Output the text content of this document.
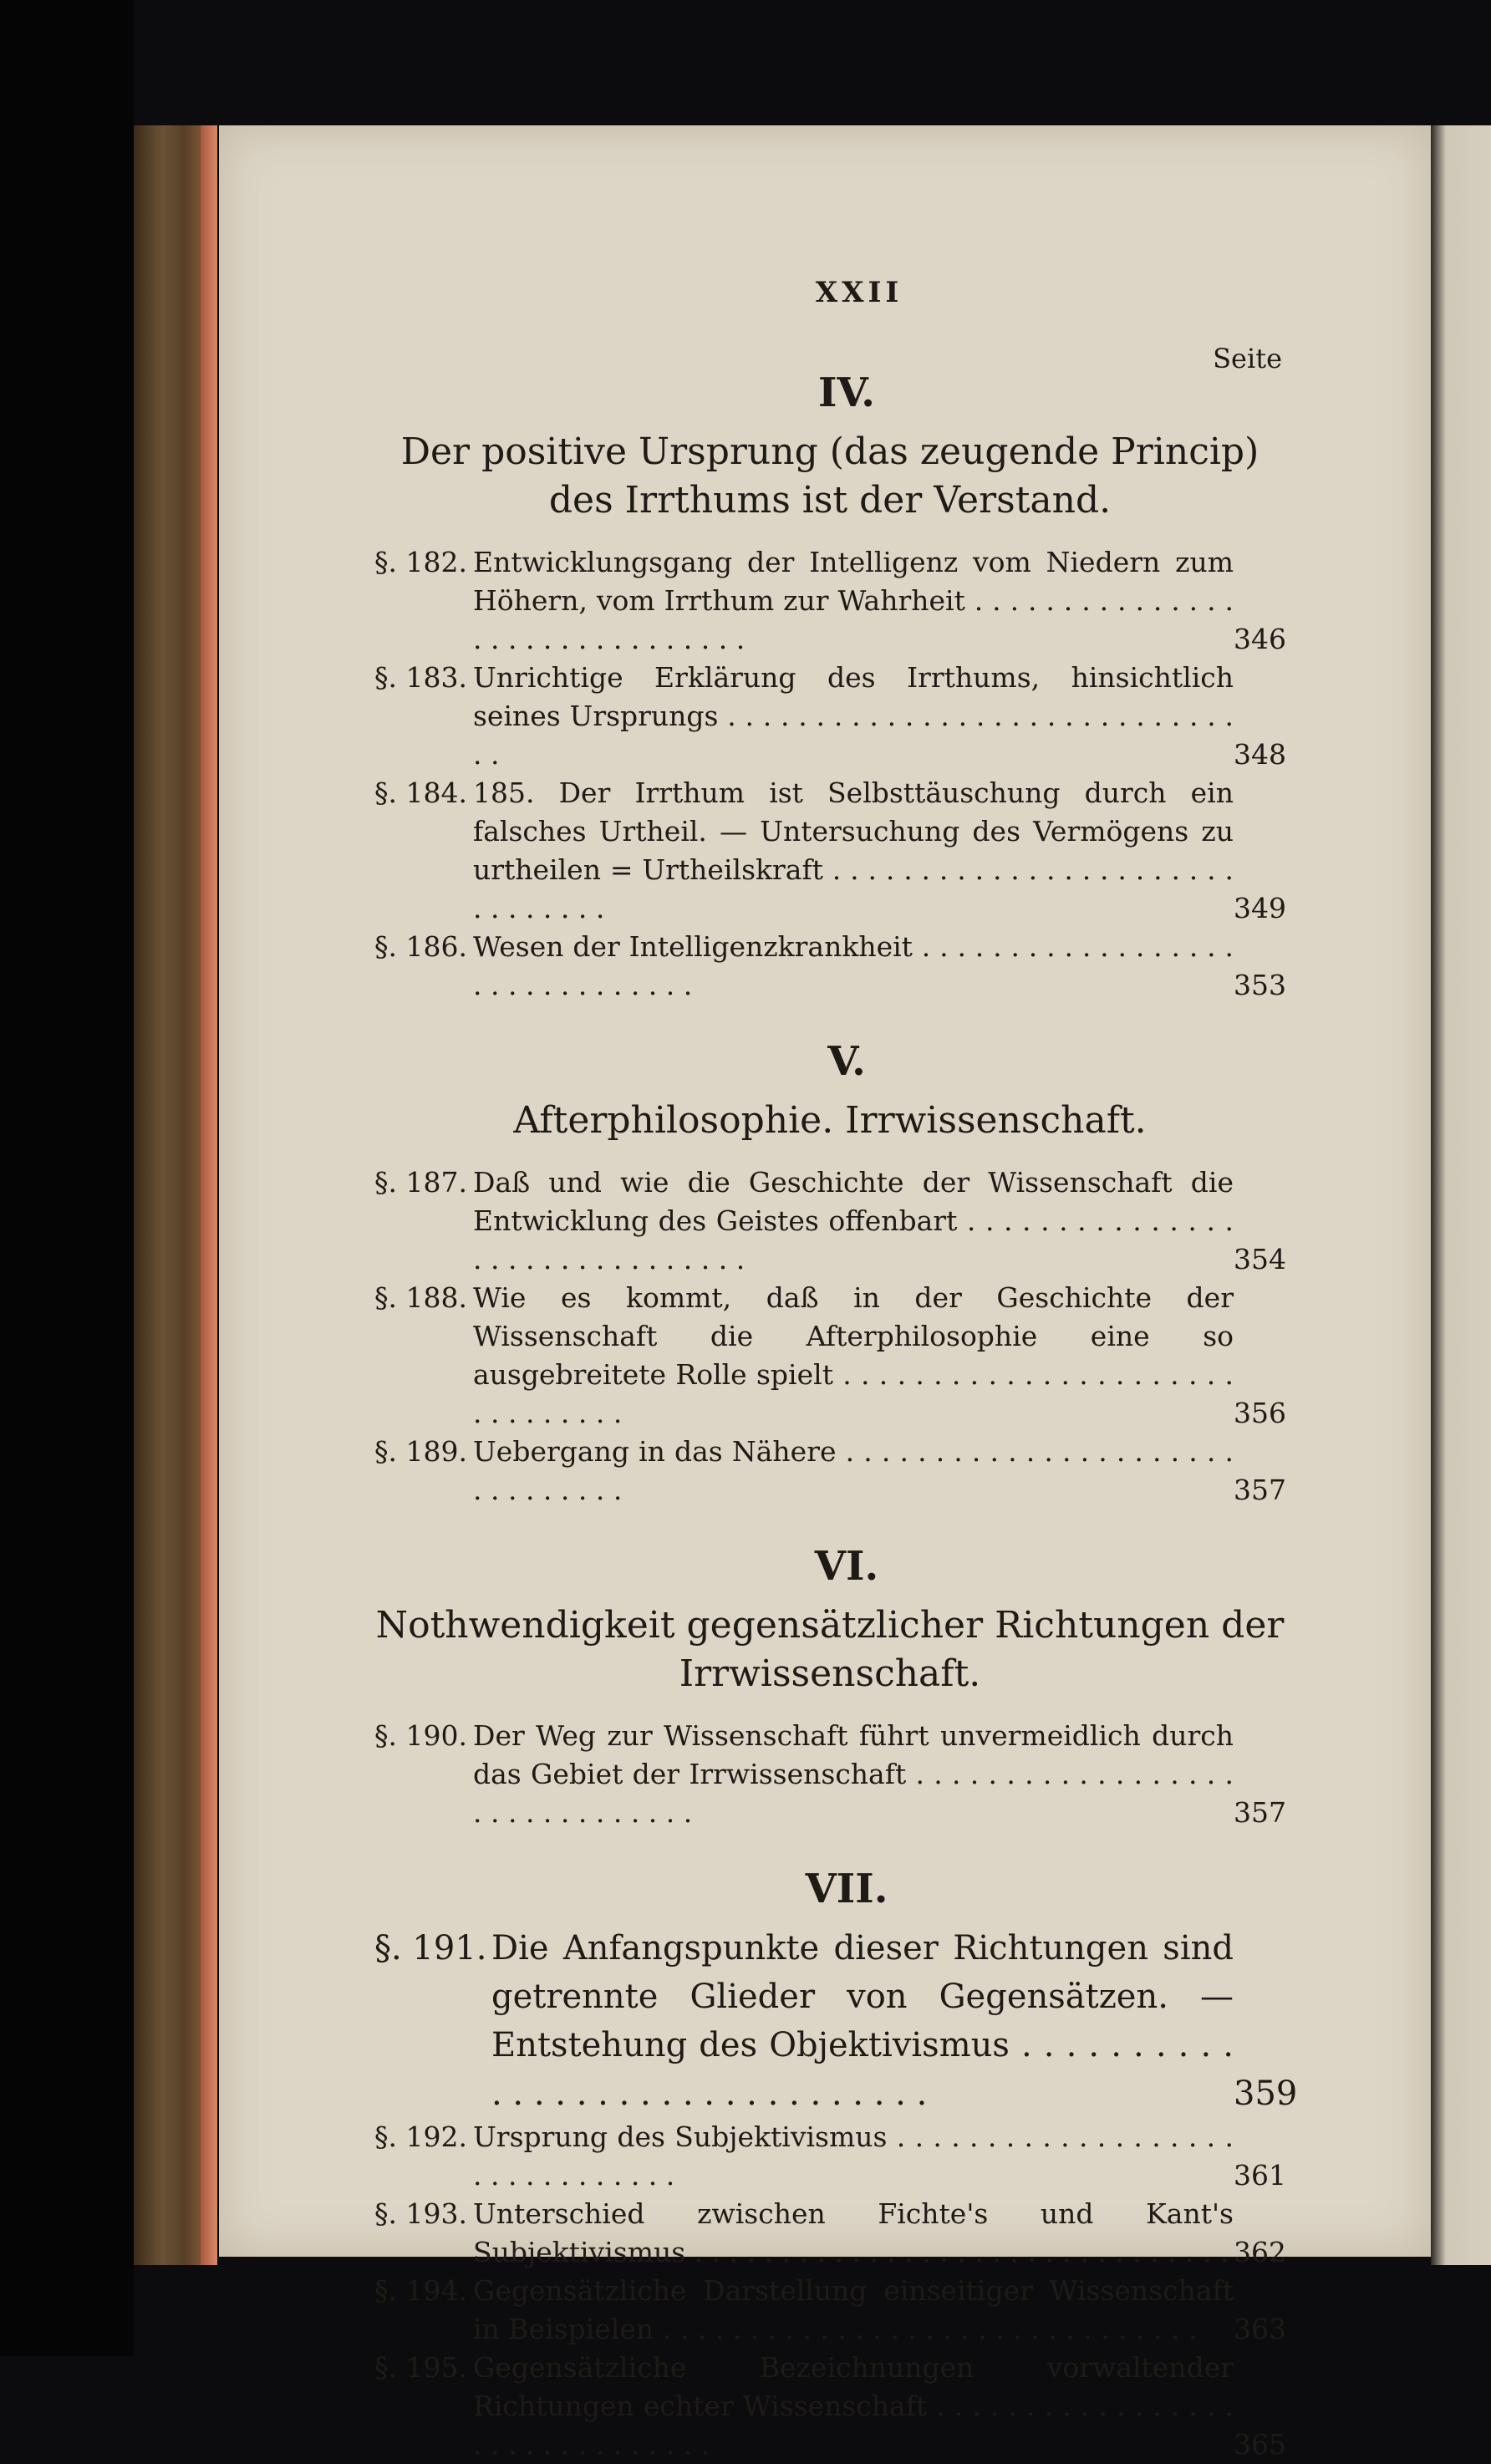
XXII
Seite
IV.
Der positive Ursprung (das zeugende Princip) des Irrthums ist der Verstand.
§. 182. Entwicklungsgang der Intelligenz vom Niedern zum Höhern, vom Irrthum zur Wahrheit . . .
346
§. 183. Unrichtige Erklärung des Irrthums, hinsichtlich seines Ursprungs . . .
348
§. 184. 185. Der Irrthum ist Selbsttäuschung durch ein falsches Urtheil. — Untersuchung des Vermögens zu urtheilen = Urtheilskraft . . .
349
§. 186. Wesen der Intelligenzkrankheit . . .
353
V.
Afterphilosophie. Irrwissenschaft.
§. 187. Daß und wie die Geschichte der Wissenschaft die Entwicklung des Geistes offenbart . . .
354
§. 188. Wie es kommt, daß in der Geschichte der Wissenschaft die Afterphilosophie eine so ausgebreitete Rolle spielt . . .
356
§. 189. Uebergang in das Nähere . . .
357
VI.
Nothwendigkeit gegensätzlicher Richtungen der Irrwissenschaft.
§. 190. Der Weg zur Wissenschaft führt unvermeidlich durch das Gebiet der Irrwissenschaft . . .
357
VII.
§. 191. Die Anfangspunkte dieser Richtungen sind getrennte Glieder von Gegensätzen. — Entstehung des Objektivismus . . .
359
§. 192. Ursprung des Subjektivismus . . .
361
§. 193. Unterschied zwischen Fichte's und Kant's Subjektivismus . . .	362
§. 194. Gegensätzliche Darstellung einseitiger Wissenschaft in Beispielen . . .	363
§. 195. Gegensätzliche Bezeichnungen vorwaltender Richtungen echter Wissenschaft . . .
365
